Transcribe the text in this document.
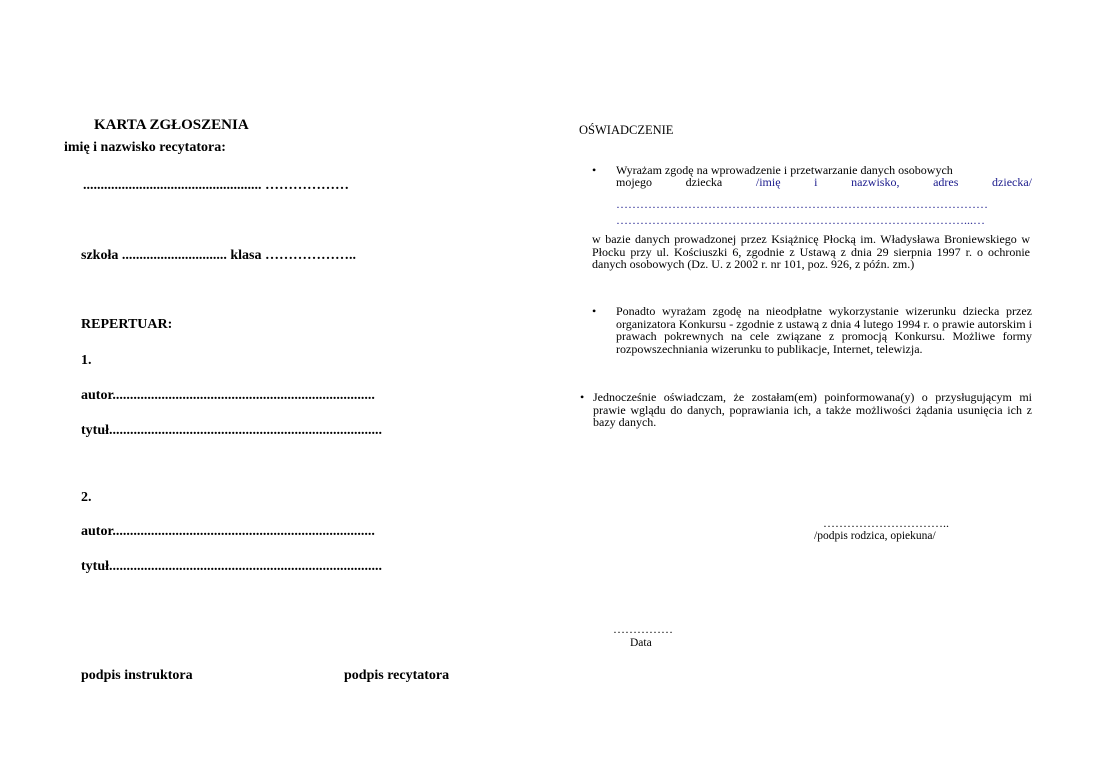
KARTA ZGŁOSZENIA
imię i nazwisko recytatora:
................................................... ………………
szkoła .............................. klasa ………………..
REPERTUAR:
1.
autor...........................................................................
tytuł..............................................................................
2.
autor...........................................................................
tytuł..............................................................................
podpis instruktora	podpis recytatora
OŚWIADCZENIE
• Wyrażam zgodę na wprowadzenie i przetwarzanie danych osobowych
mojego dziecka	/imię	i	nazwisko,	adres	dziecka/
…………………………………………………………………………………
……………………………………………………………………………...…
w bazie danych prowadzonej przez Książnicę Płocką im. Władysława Broniewskiego w Płocku przy ul. Kościuszki 6, zgodnie z Ustawą z dnia 29 sierpnia 1997 r. o ochronie danych osobowych (Dz. U. z 2002 r. nr 101, poz. 926, z późn. zm.)
• Ponadto wyrażam zgodę na nieodpłatne wykorzystanie wizerunku dziecka przez organizatora Konkursu - zgodnie z ustawą z dnia 4 lutego 1994 r. o prawie autorskim i prawach pokrewnych na cele związane z promocją Konkursu. Możliwe formy rozpowszechniania wizerunku to publikacje, Internet, telewizja.
• Jednocześnie oświadczam, że zostałam(em) poinformowana(y) o przysługującym mi prawie wglądu do danych, poprawiania ich, a także możliwości żądania usunięcia ich z bazy danych.
…………………………..
/podpis rodzica, opiekuna/
……………
Data
